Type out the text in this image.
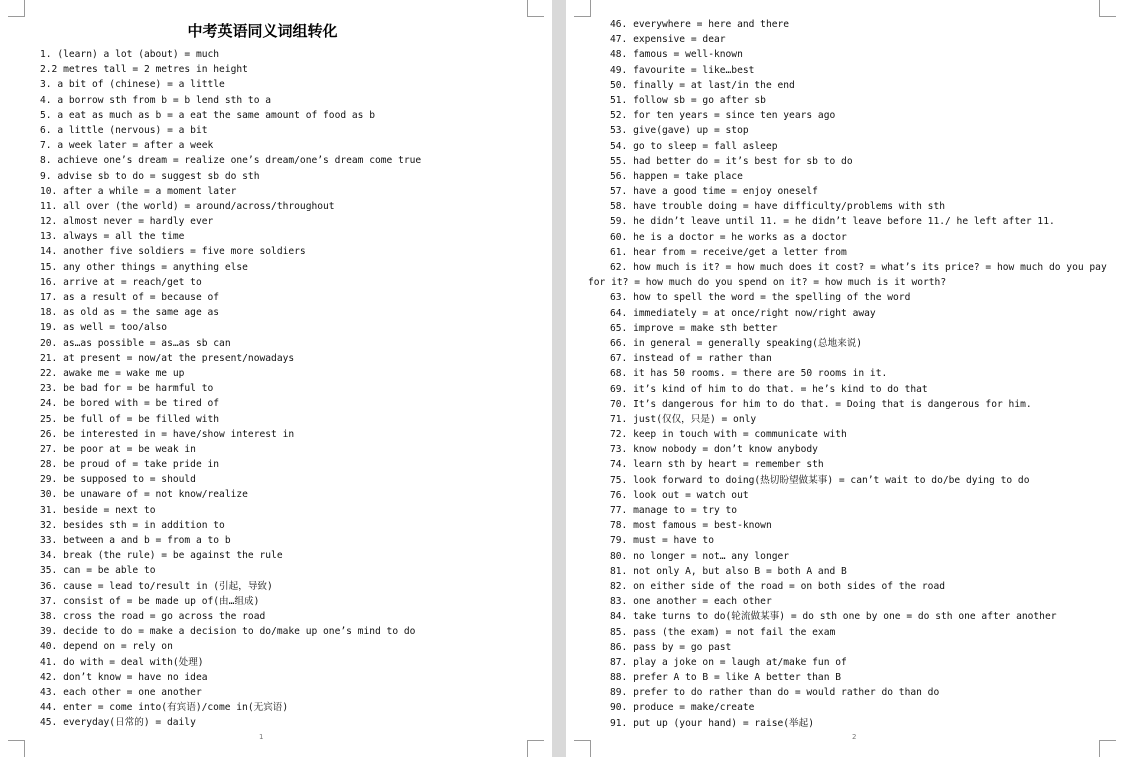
中考英语同义词组转化
1. (learn) a lot (about) = much
2.2 metres tall = 2 metres in height
3. a bit of (chinese) = a little
4. a borrow sth from b = b lend sth to a
5. a eat as much as b = a eat the same amount of food as b
6. a little (nervous) = a bit
7. a week later = after a week
8. achieve one’s dream = realize one’s dream/one’s dream come true
9. advise sb to do = suggest sb do sth
10. after a while = a moment later
11. all over (the world) = around/across/throughout
12. almost never = hardly ever
13. always = all the time
14. another five soldiers = five more soldiers
15. any other things = anything else
16. arrive at = reach/get to
17. as a result of = because of
18. as old as = the same age as
19. as well = too/also
20. as…as possible = as…as sb can
21. at present = now/at the present/nowadays
22. awake me = wake me up
23. be bad for = be harmful to
24. be bored with = be tired of
25. be full of = be filled with
26. be interested in = have/show interest in
27. be poor at = be weak in
28. be proud of = take pride in
29. be supposed to = should
30. be unaware of = not know/realize
31. beside = next to
32. besides sth = in addition to
33. between a and b = from a to b
34. break (the rule) = be against the rule
35. can = be able to
36. cause = lead to/result in (引起，导致)
37. consist of = be made up of(由…组成)
38. cross the road = go across the road
39. decide to do = make a decision to do/make up one’s mind to do
40. depend on = rely on
41. do with = deal with(处理)
42. don’t know = have no idea
43. each other = one another
44. enter = come into(有宾语)/come in(无宾语)
45. everyday(日常的) = daily
1	2
46. everywhere = here and there
47. expensive = dear
48. famous = well-known
49. favourite = like…best
50. finally = at last/in the end
51. follow sb = go after sb
52. for ten years = since ten years ago
53. give(gave) up = stop
54. go to sleep = fall asleep
55. had better do = it’s best for sb to do
56. happen = take place
57. have a good time = enjoy oneself
58. have trouble doing = have difficulty/problems with sth
59. he didn’t leave until 11. = he didn’t leave before 11./ he left after 11.
60. he is a doctor = he works as a doctor
61. hear from = receive/get a letter from
62. how much is it? = how much does it cost? = what’s its price? = how much do you pay for it? = how much do you spend on it? = how much is it worth?
63. how to spell the word = the spelling of the word
64. immediately = at once/right now/right away
65. improve = make sth better
66. in general = generally speaking(总地来说)
67. instead of = rather than
68. it has 50 rooms. = there are 50 rooms in it.
69. it’s kind of him to do that. = he’s kind to do that
70. It’s dangerous for him to do that. = Doing that is dangerous for him.
71. just(仅仅，只是) = only
72. keep in touch with = communicate with
73. know nobody = don’t know anybody
74. learn sth by heart = remember sth
75. look forward to doing(热切盼望做某事) = can’t wait to do/be dying to do
76. look out = watch out
77. manage to = try to
78. most famous = best-known
79. must = have to
80. no longer = not… any longer
81. not only A, but also B = both A and B
82. on either side of the road = on both sides of the road
83. one another = each other
84. take turns to do(轮流做某事) = do sth one by one = do sth one after another
85. pass (the exam) = not fail the exam
86. pass by = go past
87. play a joke on = laugh at/make fun of
88. prefer A to B = like A better than B
89. prefer to do rather than do = would rather do than do
90. produce = make/create
91. put up (your hand) = raise(举起)
